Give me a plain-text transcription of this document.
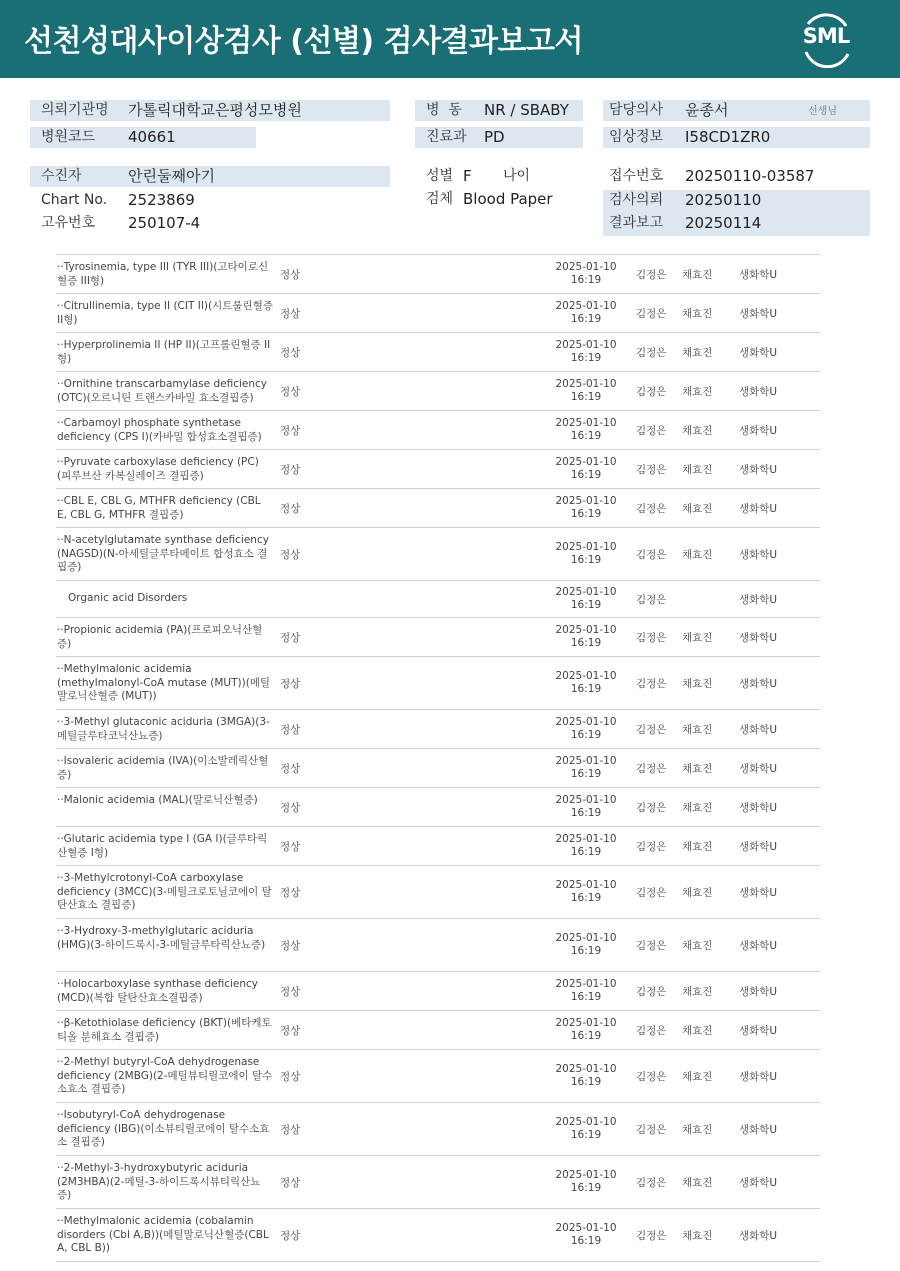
선천성대사이상검사 (선별) 검사결과보고서	SML
의뢰기관명 가톨릭대학교은평성모병원
병원코드 40661
병  동 NR / SBABY
진료과 PD
담당의사 윤종서	선생님
임상정보 I58CD1ZR0
수진자	안린둘째아기
Chart No. 2523869
고유번호 250107-4
성별 F 나이
검체 Blood Paper
접수번호 20250110-03587
검사의뢰 20250110
결과보고 20250114
··Tyrosinemia, type III (TYR III)(고타이로신혈증 III형)	정상
2025-01-10
16:19	김정은 채효진	생화학U
··Citrullinemia, type II (CIT II)(시트룰린혈증 II형)	정상
2025-01-10
16:19	김정은 채효진	생화학U
··Hyperprolinemia II (HP II)(고프롤린혈증 II형)	정상
2025-01-10
16:19	김정은 채효진	생화학U
··Ornithine transcarbamylase deficiency (OTC)(오르니틴 트랜스카바밀 효소결핍증)	정상
2025-01-10
16:19	김정은 채효진	생화학U
··Carbamoyl phosphate synthetase deficiency (CPS I)(카바밀 합성효소결핍증)	정상
2025-01-10
16:19	김정은 채효진	생화학U
··Pyruvate carboxylase deficiency (PC)(피루브산 카복실레이즈 결핍증)	정상
2025-01-10
16:19	김정은 채효진	생화학U
··CBL E, CBL G, MTHFR deficiency (CBL E, CBL G, MTHFR 결핍증)	정상
2025-01-10
16:19	김정은 채효진	생화학U
··N-acetylglutamate synthase deficiency (NAGSD)(N-아세틸글루타메이트 합성효소 결핍증)
정상
2025-01-10
16:19	김정은 채효진	생화학U
Organic acid Disorders	2025-01-10
16:19	김정은	생화학U
··Propionic acidemia (PA)(프로피오닉산혈증)	정상
2025-01-10
16:19	김정은 채효진	생화학U
··Methylmalonic acidemia (methylmalonyl-CoA mutase (MUT))(메틸말로닉산혈증 (MUT))
정상
2025-01-10
16:19	김정은 채효진	생화학U
··3-Methyl glutaconic aciduria (3MGA)(3-메틸글루타코닉산뇨증)	정상
2025-01-10
16:19	김정은 채효진	생화학U
··Isovaleric acidemia (IVA)(이소발레릭산혈증)	정상
2025-01-10
16:19	김정은 채효진	생화학U
··Malonic acidemia (MAL)(말로닉산혈증)
정상
2025-01-10
16:19	김정은 채효진	생화학U
··Glutaric acidemia type I (GA I)(글루타릭산혈증 I형)	정상
2025-01-10
16:19	김정은 채효진	생화학U
··3-Methylcrotonyl-CoA carboxylase deficiency (3MCC)(3-메틸크로토닐코에이 탈탄산효소 결핍증)
정상
2025-01-10
16:19	김정은 채효진	생화학U
··3-Hydroxy-3-methylglutaric aciduria (HMG)(3-하이드록시-3-메틸글루타릭산뇨증)	정상
2025-01-10
16:19	김정은 채효진	생화학U
··Holocarboxylase synthase deficiency (MCD)(복합 탈탄산효소결핍증)	정상
2025-01-10
16:19	김정은 채효진	생화학U
··β-Ketothiolase deficiency (BKT)(베타케토티올 분해효소 결핍증)	정상
2025-01-10
16:19	김정은 채효진	생화학U
··2-Methyl butyryl-CoA dehydrogenase deficiency (2MBG)(2-메틸뷰티릴코에이 탈수소효소 결핍증)
정상
2025-01-10
16:19	김정은 채효진	생화학U
··Isobutyryl-CoA dehydrogenase deficiency (IBG)(이소뷰티릴코에이 탈수소효소 결핍증)
정상
2025-01-10
16:19	김정은 채효진	생화학U
··2-Methyl-3-hydroxybutyric aciduria (2M3HBA)(2-메틸-3-하이드록시뷰티릭산뇨증)
정상
2025-01-10
16:19	김정은 채효진	생화학U
··Methylmalonic acidemia (cobalamin disorders (Cbl A,B))(메틸말로닉산혈증(CBL A, CBL B))
정상
2025-01-10
16:19	김정은 채효진	생화학U
